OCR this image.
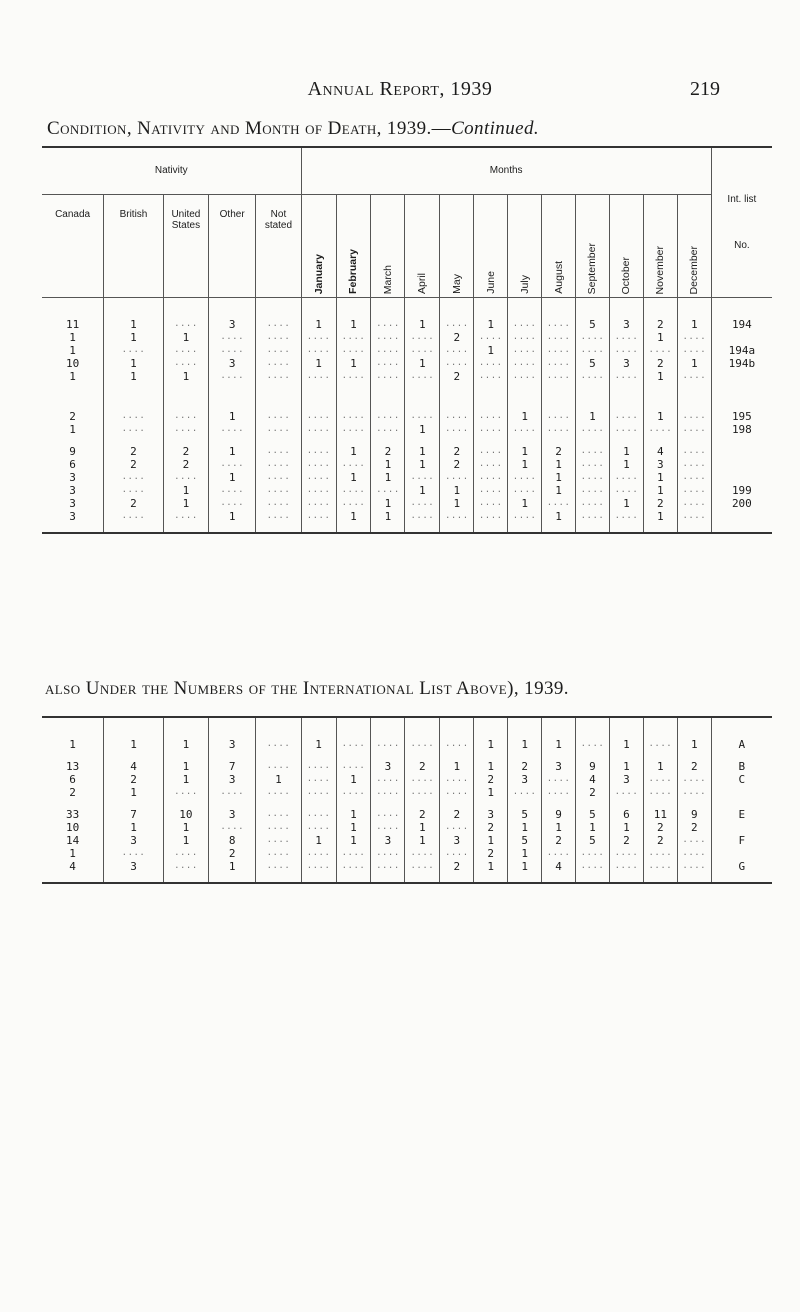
Annual Report, 1939	219
Condition, Nativity and Month of Death, 1939.—Continued.
Nativity					Months												Int. list No.
Canada	British	United States	Other	Not stated	January	February	March	April	May	June	July	August	September	October	November	December	

11	1	....	3	....	1	1	....	1	....	1	....	....	5	3	2	1	194
1	1	1	....	....	....	....	....	....	2	....	....	....	....	....	1	....	
1	....	....	....	....	....	....	....	....	....	1	....	....	....	....	....	....	194a
10	1	....	3	....	1	1	....	1	....	....	....	....	5	3	2	1	194b
1	1	1	....	....	....	....	....	....	2	....	....	....	....	....	1	....	

2	....	....	1	....	....	....	....	....	....	....	1	....	1	....	1	....	195
1	....	....	....	....	....	....	....	1	....	....	....	....	....	....	....	....	198

9	2	2	1	....	....	1	2	1	2	....	1	2	....	1	4	....	
6	2	2	....	....	....	....	1	1	2	....	1	1	....	1	3	....	
3	....	....	1	....	....	1	1	....	....	....	....	1	....	....	1	....	
3	....	1	....	....	....	....	....	1	1	....	....	1	....	....	1	....	199
3	2	1	....	....	....	....	1	....	1	....	1	....	....	1	2	....	200
3	....	....	1	....	....	1	1	....	....	....	....	1	....	....	1	....	

also Under the Numbers of the International List Above), 1939.

1	1	1	3	....	1	....	....	....	....	1	1	1	....	1	....	1	A

13	4	1	7	....	....	....	3	2	1	1	2	3	9	1	1	2	B
6	2	1	3	1	....	1	....	....	....	2	3	....	4	3	....	....	C
2	1	....	....	....	....	....	....	....	....	1	....	....	2	....	....	....	

33	7	10	3	....	....	1	....	2	2	3	5	9	5	6	11	9	E
10	1	1	....	....	....	1	....	1	....	2	1	1	1	1	2	2	
14	3	1	8	....	1	1	3	1	3	1	5	2	5	2	2	....	F
1	....	....	2	....	....	....	....	....	....	2	1	....	....	....	....	....	
4	3	....	1	....	....	....	....	....	2	1	1	4	....	....	....	....	G
